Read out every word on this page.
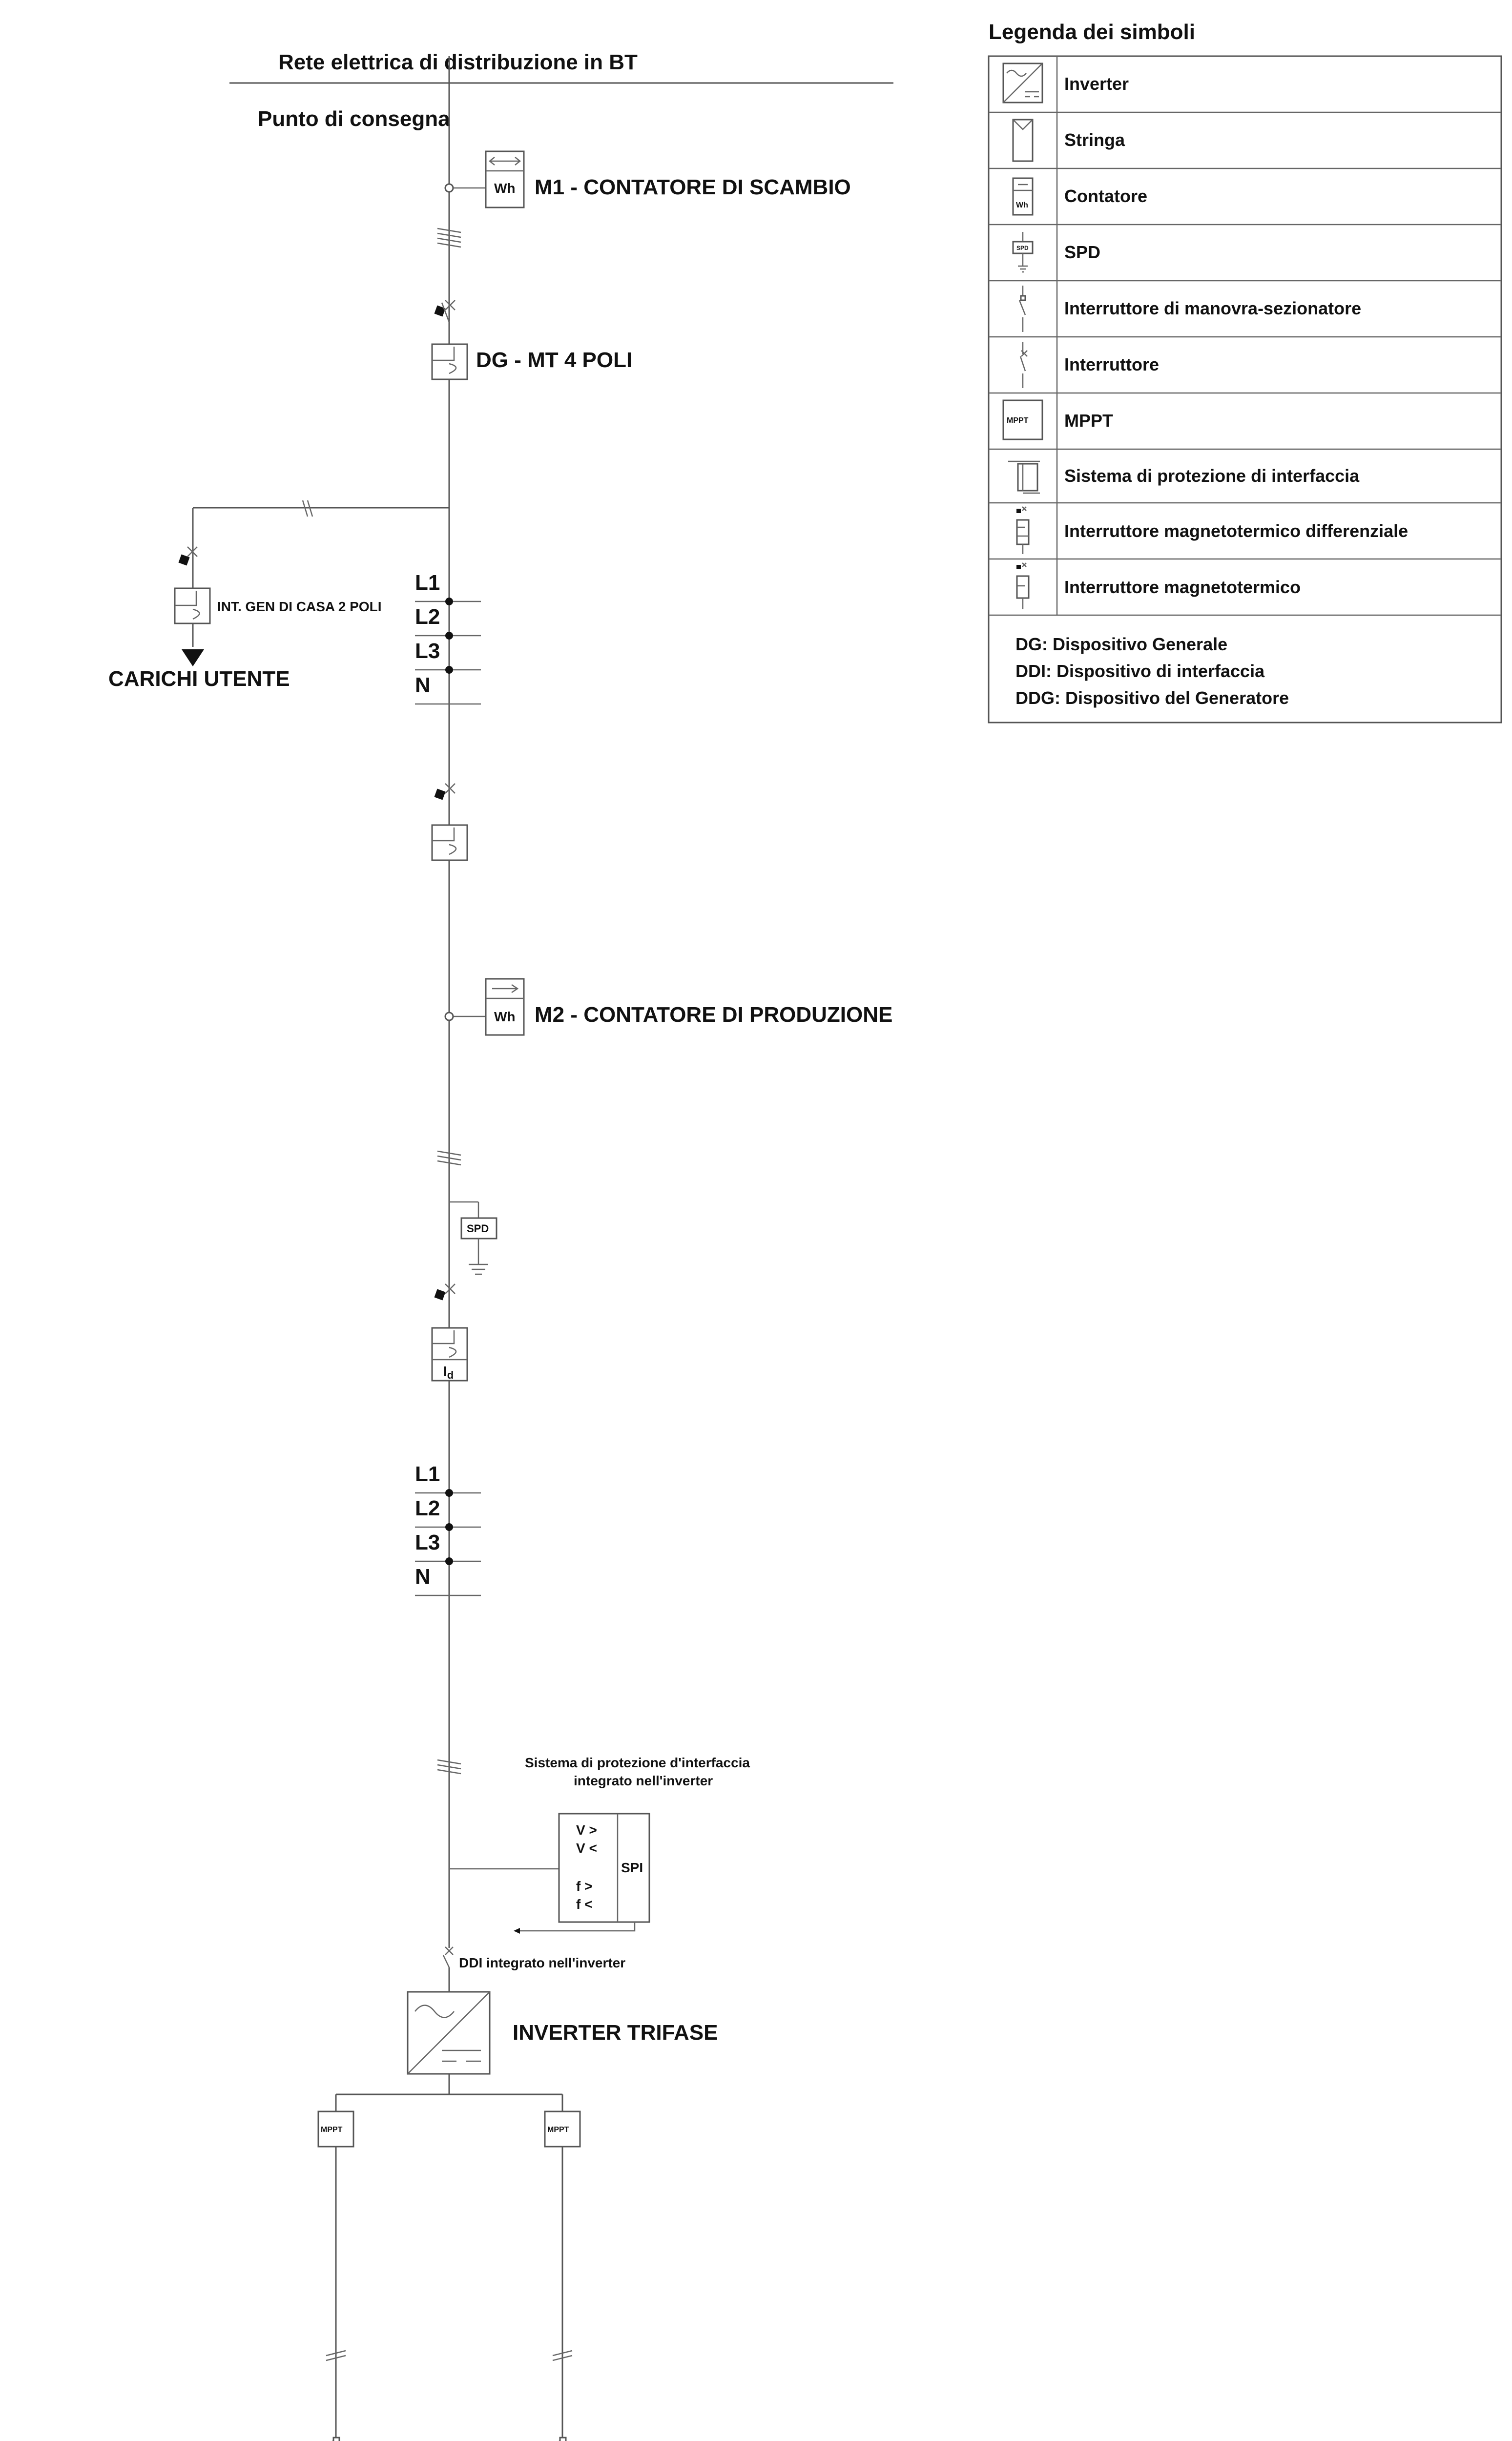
Rete elettrica di distribuzione in BT
Punto di consegna
Wh M1 - CONTATORE DI SCAMBIO
DG - MT 4 POLI
INT. GEN DI CASA 2 POLI
CARICHI UTENTE
L1
L2
L3
N
Wh M2 - CONTATORE DI PRODUZIONE
SPD
$I_d$
L1
L2
L3
N
Sistema di protezione d'interfaccia
integrato nell'inverter
V >
V <
f >
f <
SPI
DDI integrato nell'inverter
INVERTER TRIFASE
MPPT	MPPT
Legenda dei simboli
Wh
SPD
MPPT
Inverter
Stringa
Contatore
SPD
Interruttore di manovra-sezionatore
Interruttore
MPPT
Sistema di protezione di interfaccia
Interruttore magnetotermico differenziale
Interruttore magnetotermico
DG: Dispositivo Generale
DDI: Dispositivo di interfaccia
DDG: Dispositivo del Generatore
